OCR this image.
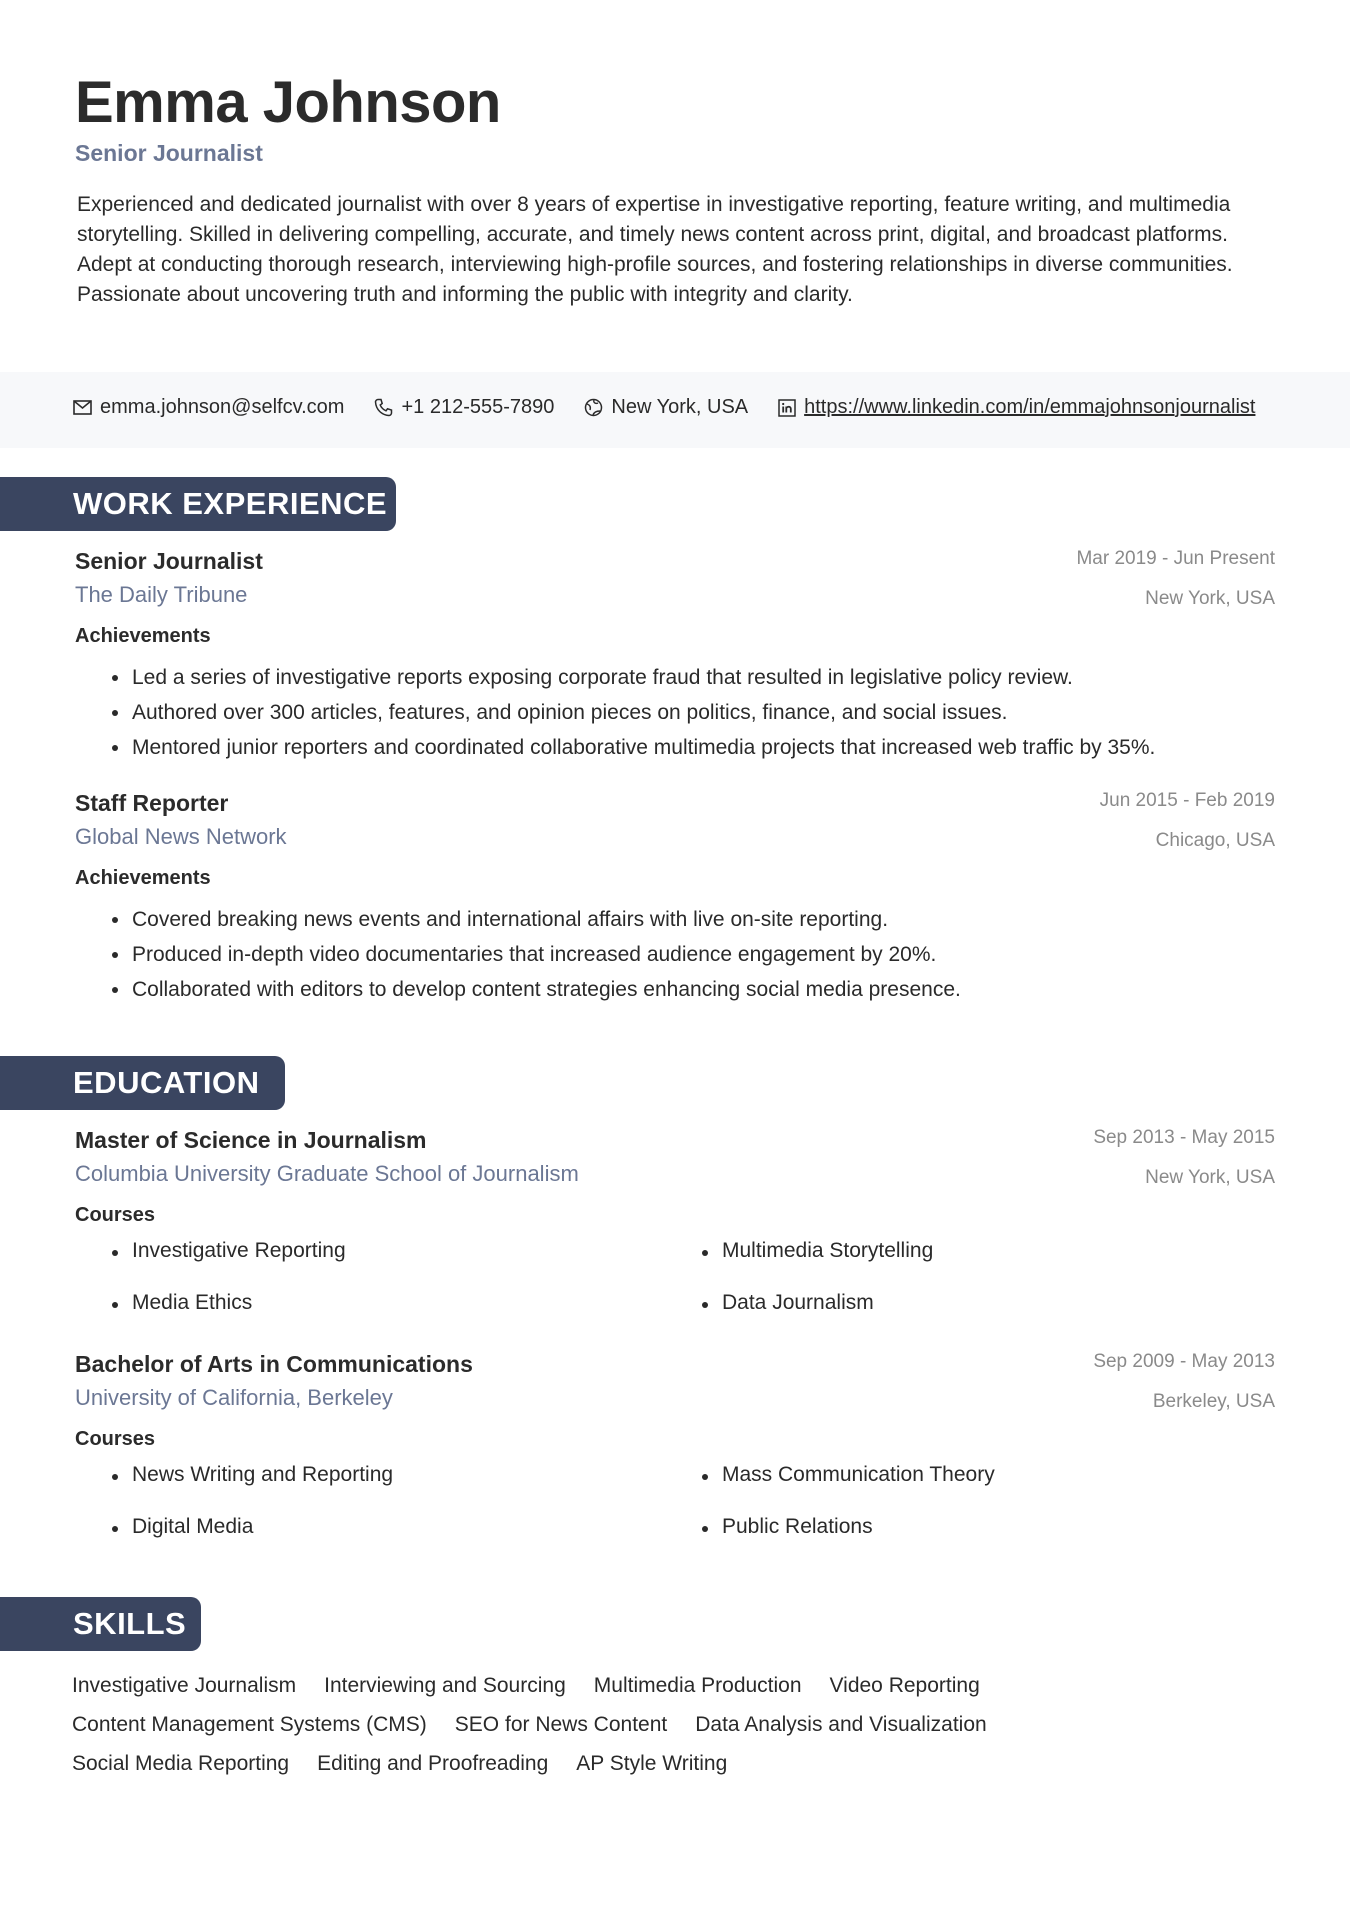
Emma Johnson
Senior Journalist
Experienced and dedicated journalist with over 8 years of expertise in investigative reporting, feature writing, and multimedia storytelling. Skilled in delivering compelling, accurate, and timely news content across print, digital, and broadcast platforms. Adept at conducting thorough research, interviewing high-profile sources, and fostering relationships in diverse communities. Passionate about uncovering truth and informing the public with integrity and clarity.
emma.johnson@selfcv.com	+1 212-555-7890	New York, USA	https://www.linkedin.com/in/emmajohnsonjournalist
WORK EXPERIENCE
Senior Journalist
The Daily Tribune
Mar 2019 - Jun Present
New York, USA
Achievements
Led a series of investigative reports exposing corporate fraud that resulted in legislative policy review.
Authored over 300 articles, features, and opinion pieces on politics, finance, and social issues.
Mentored junior reporters and coordinated collaborative multimedia projects that increased web traffic by 35%.
Staff Reporter
Global News Network
Jun 2015 - Feb 2019
Chicago, USA
Achievements
Covered breaking news events and international affairs with live on-site reporting.
Produced in-depth video documentaries that increased audience engagement by 20%.
Collaborated with editors to develop content strategies enhancing social media presence.
EDUCATION
Master of Science in Journalism
Columbia University Graduate School of Journalism
Sep 2013 - May 2015
New York, USA
Courses
Investigative Reporting	Multimedia Storytelling
Media Ethics	Data Journalism
Bachelor of Arts in Communications
University of California, Berkeley
Sep 2009 - May 2013
Berkeley, USA
Courses
News Writing and Reporting	Mass Communication Theory
Digital Media	Public Relations
SKILLS
Investigative Journalism Interviewing and Sourcing Multimedia Production Video Reporting
Content Management Systems (CMS) SEO for News Content Data Analysis and Visualization
Social Media Reporting Editing and Proofreading AP Style Writing
